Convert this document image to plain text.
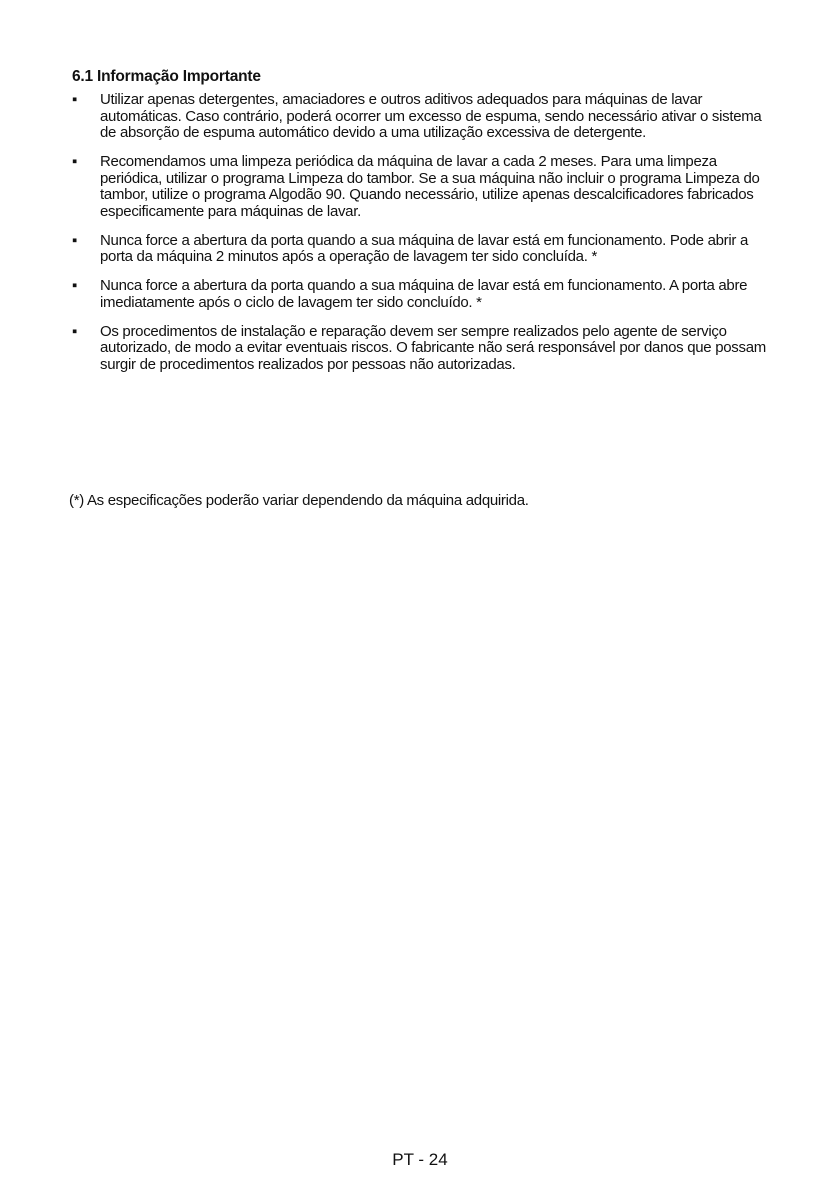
6.1 Informação Importante
▪	Utilizar apenas detergentes, amaciadores e outros aditivos adequados para máquinas de lavar automáticas. Caso contrário, poderá ocorrer um excesso de espuma, sendo necessário ativar o sistema de absorção de espuma automático devido a uma utilização excessiva de detergente.
▪	Recomendamos uma limpeza periódica da máquina de lavar a cada 2 meses. Para uma limpeza periódica, utilizar o programa Limpeza do tambor. Se a sua máquina não incluir o programa Limpeza do tambor, utilize o programa Algodão 90. Quando necessário, utilize apenas descalcificadores fabricados especificamente para máquinas de lavar.
▪	Nunca force a abertura da porta quando a sua máquina de lavar está em funcionamento. Pode abrir a porta da máquina 2 minutos após a operação de lavagem ter sido concluída. *
▪	Nunca force a abertura da porta quando a sua máquina de lavar está em funcionamento. A porta abre imediatamente após o ciclo de lavagem ter sido concluído. *
▪	Os procedimentos de instalação e reparação devem ser sempre realizados pelo agente de serviço autorizado, de modo a evitar eventuais riscos. O fabricante não será responsável por danos que possam surgir de procedimentos realizados por pessoas não autorizadas.

(*) As especificações poderão variar dependendo da máquina adquirida.

PT - 24
